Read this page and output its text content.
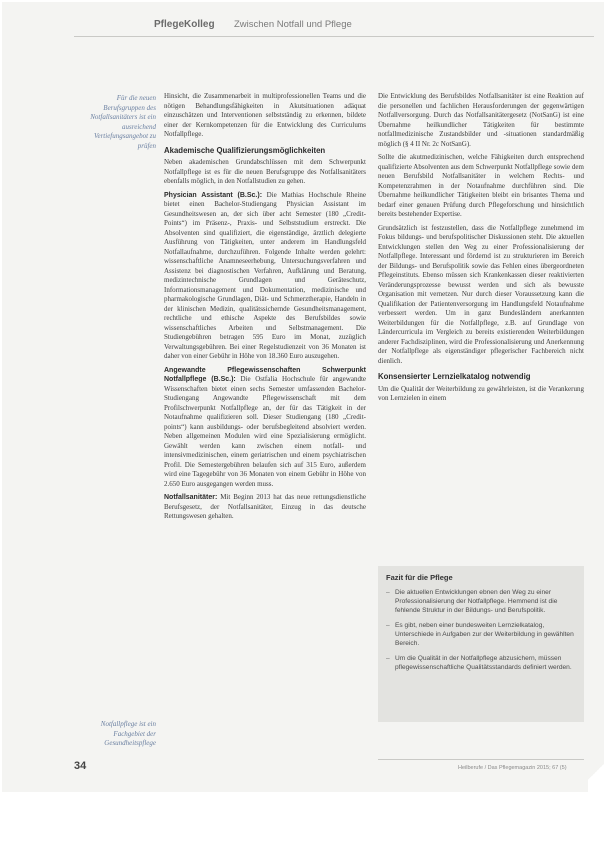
PflegeKolleg Zwischen Notfall und Pflege
Für die neuen Berufsgruppen des Notfallsanitäters ist ein ausreichend Vertiefungsangebot zu prüfen
Notfallpflege ist ein Fachgebiet der Gesundheitspflege

Hinsicht, die Zusammenarbeit in multiprofessionellen Teams und die nötigen Behandlungsfähigkeiten in Akutsituationen adäquat einzuschätzen und Interventionen selbstständig zu erkennen, bildete einer der Kernkompetenzen für die Entwicklung des Curriculums Notfallpflege.

Akademische Qualifizierungsmöglichkeiten

Neben akademischen Grundabschlüssen mit dem Schwerpunkt Notfallpflege ist es für die neuen Berufsgruppe des Notfallsanitäters ebenfalls möglich, in den Notfallstudien zu gehen.

Physician Assistant (B.Sc.): Die Mathias Hochschule Rheine bietet einen Bachelor-Studiengang Physician Assistant im Gesundheitswesen an, der sich über acht Semester (180 „Credit-Points“) im Präsenz-, Praxis- und Selbststudium erstreckt. Die Absolventen sind qualifiziert, die eigenständige, ärztlich delegierte Ausführung von Tätigkeiten, unter anderem im Handlungsfeld Notfallaufnahme, durchzuführen. Folgende Inhalte werden gelehrt: wissenschaftliche Anamneseerhebung, Untersuchungsverfahren und Assistenz bei diagnostischen Verfahren, Aufklärung und Beratung, medizintechnische Grundlagen und Geräteschutz, Informationsmanagement und Dokumentation, medizinische und pharmakologische Grundlagen, Diät- und Schmerztherapie, Handeln in der klinischen Medizin, qualitätssichernde Gesundheitsmanagement, rechtliche und ethische Aspekte des Berufsbildes sowie wissenschaftliches Arbeiten und Selbstmanagement. Die Studiengebühren betragen 595 Euro im Monat, zuzüglich Verwaltungsgebühren. Bei einer Regelstudienzeit von 36 Monaten ist daher von einer Gebühr in Höhe von 18.360 Euro auszugehen.

Angewandte Pflegewissenschaften Schwerpunkt Notfallpflege (B.Sc.): Die Ostfalia Hochschule für angewandte Wissenschaften bietet einen sechs Semester umfassenden Bachelor-Studiengang Angewandte Pflegewissenschaft mit dem Profilschwerpunkt Notfallpflege an, der für das Tätigkeit in der Notaufnahme qualifizieren soll. Dieser Studiengang (180 „Credit-points“) kann ausbildungs- oder berufsbegleitend absolviert werden. Neben allgemeinen Modulen wird eine Spezialisierung ermöglicht. Gewählt werden kann zwischen einem notfall- und intensivmedizinischen, einem geriatrischen und einem psychiatrischen Profil. Die Semestergebühren belaufen sich auf 315 Euro, außerdem wird eine Tagegebühr von 36 Monaten von einem Gebühr in Höhe von 2.650 Euro ausgegangen werden muss.

Notfallsanitäter: Mit Beginn 2013 hat das neue rettungsdienstliche Berufsgesetz, der Notfallsanitäter, Einzug in das deutsche Rettungswesen gehalten.

Die Entwicklung des Berufsbildes Notfallsanitäter ist eine Reaktion auf die personellen und fachlichen Herausforderungen der gegenwärtigen Notfallversorgung. Durch das Notfallsanitätergesetz (NotSanG) ist eine Übernahme heilkundlicher Tätigkeiten für bestimmte notfallmedizinische Zustandsbilder und -situationen standardmäßig möglich (§ 4 II Nr. 2c NotSanG).

Sollte die akutmedizinischen, welche Fähigkeiten durch entsprechend qualifizierte Absolventen aus dem Schwerpunkt Notfallpflege sowie dem neuen Berufsbild Notfallsanitäter in welchem Rechts- und Kompetenzrahmen in der Notaufnahme durchführen sind. Die Übernahme heilkundlicher Tätigkeiten bleibt ein brisantes Thema und bedarf einer genauen Prüfung durch Pflegeforschung und hinsichtlich bereits bestehender Expertise.

Grundsätzlich ist festzustellen, dass die Notfallpflege zunehmend im Fokus bildungs- und berufspolitischer Diskussionen steht. Die aktuellen Entwicklungen stellen den Weg zu einer Professionalisierung der Notfallpflege. Interessant und fördernd ist zu strukturieren im Bereich der Bildungs- und Berufspolitik sowie das Fehlen eines übergeordneten Pflegeinstituts. Ebenso müssen sich Krankenkassen dieser reaktivierten Veränderungsprozesse bewusst werden und sich als bewusste Organisation mit vernetzen. Nur durch dieser Voraussetzung kann die Qualifikation der Patientenversorgung im Handlungsfeld Notaufnahme verbessert werden. Um in ganz Bundesländern anerkannten Weiterbildungen für die Notfallpflege, z.B. auf Grundlage von Ländercurricula im Vergleich zu bereits existierenden Weiterbildungen anderer Fachdisziplinen, wird die Professionalisierung und Anerkennung der Notfallpflege als eigenständiger pflegerischer Fachbereich nicht dienlich.

Konsensierter Lernzielkatalog notwendig

Um die Qualität der Weiterbildung zu gewährleisten, ist die Verankerung von Lernzielen in einem

Fazit für die Pflege
– Die aktuellen Entwicklungen ebnen den Weg zu einer Professionalisierung der Notfallpflege. Hemmend ist die fehlende Struktur in der Bildungs- und Berufspolitik.
– Es gibt, neben einer bundesweiten Lernzielkatalog, Unterschiede in Aufgaben zur der Weiterbildung in gewählten Bereich.
– Um die Qualität in der Notfallpflege abzusichern, müssen pflegewissenschaftliche Qualitätsstandards definiert werden.
34	Heilberufe / Das Pflegemagazin 2015; 67 (5)
